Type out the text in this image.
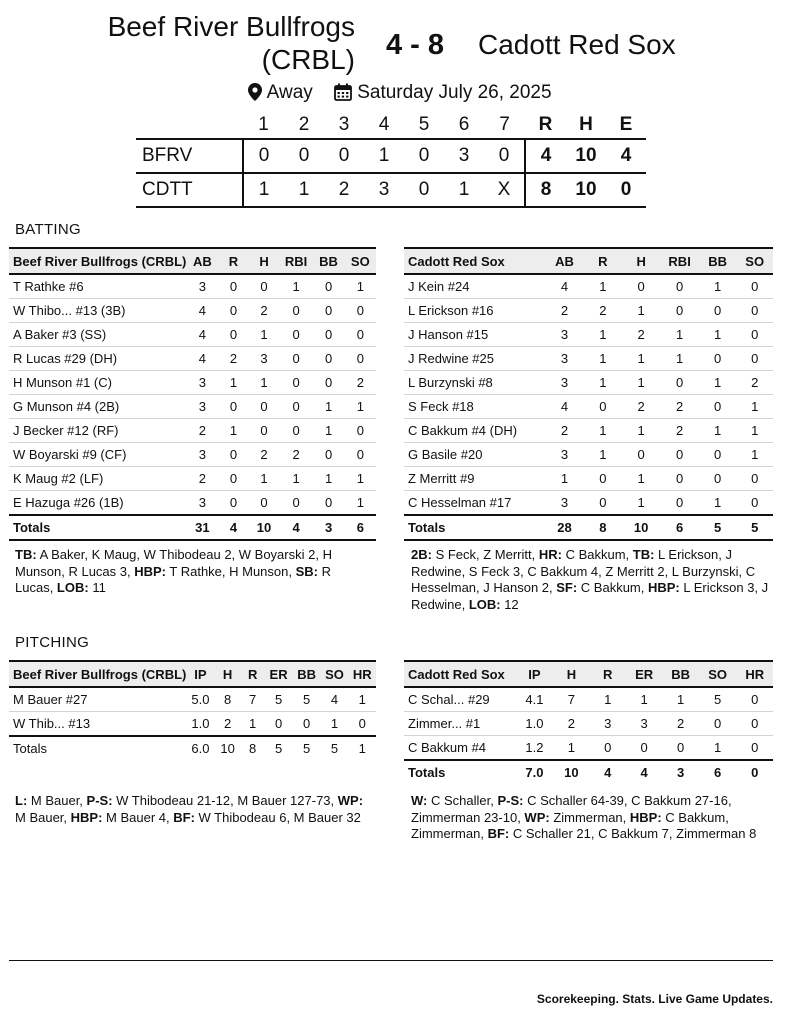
Beef River Bullfrogs (CRBL)	4 - 8	Cadott Red Sox
Away Saturday July 26, 2025
	1	2	3	4	5	6	7	R	H	E
BFRV	0	0	0	1	0	3	0	4	10	4
CDTT	1	1	2	3	0	1	X	8	10	0
BATTING
Beef River Bullfrogs (CRBL)	AB	R	H	RBI	BB	SO
T Rathke #6	3	0	0	1	0	1
W Thibo... #13 (3B)	4	0	2	0	0	0
A Baker #3 (SS)	4	0	1	0	0	0
R Lucas #29 (DH)	4	2	3	0	0	0
H Munson #1 (C)	3	1	1	0	0	2
G Munson #4 (2B)	3	0	0	0	1	1
J Becker #12 (RF)	2	1	0	0	1	0
W Boyarski #9 (CF)	3	0	2	2	0	0
K Maug #2 (LF)	2	0	1	1	1	1
E Hazuga #26 (1B)	3	0	0	0	0	1
Totals	31	4	10	4	3	6
TB: A Baker, K Maug, W Thibodeau 2, W Boyarski 2, H Munson, R Lucas 3, HBP: T Rathke, H Munson, SB: R Lucas, LOB: 11
Cadott Red Sox	AB	R	H	RBI	BB	SO
J Kein #24	4	1	0	0	1	0
L Erickson #16	2	2	1	0	0	0
J Hanson #15	3	1	2	1	1	0
J Redwine #25	3	1	1	1	0	0
L Burzynski #8	3	1	1	0	1	2
S Feck #18	4	0	2	2	0	1
C Bakkum #4 (DH)	2	1	1	2	1	1
G Basile #20	3	1	0	0	0	1
Z Merritt #9	1	0	1	0	0	0
C Hesselman #17	3	0	1	0	1	0
Totals	28	8	10	6	5	5
2B: S Feck, Z Merritt, HR: C Bakkum, TB: L Erickson, J Redwine, S Feck 3, C Bakkum 4, Z Merritt 2, L Burzynski, C Hesselman, J Hanson 2, SF: C Bakkum, HBP: L Erickson 3, J Redwine, LOB: 12
PITCHING
Beef River Bullfrogs (CRBL)	IP	H	R	ER	BB	SO	HR
M Bauer #27	5.0	8	7	5	5	4	1
W Thib... #13	1.0	2	1	0	0	1	0
Totals	6.0	10	8	5	5	5	1
L: M Bauer, P-S: W Thibodeau 21-12, M Bauer 127-73, WP: M Bauer, HBP: M Bauer 4, BF: W Thibodeau 6, M Bauer 32
Cadott Red Sox	IP	H	R	ER	BB	SO	HR
C Schal... #29	4.1	7	1	1	1	5	0
Zimmer... #1	1.0	2	3	3	2	0	0
C Bakkum #4	1.2	1	0	0	0	1	0
Totals	7.0	10	4	4	3	6	0
W: C Schaller, P-S: C Schaller 64-39, C Bakkum 27-16, Zimmerman 23-10, WP: Zimmerman, HBP: C Bakkum, Zimmerman, BF: C Schaller 21, C Bakkum 7, Zimmerman 8
Scorekeeping. Stats. Live Game Updates.
